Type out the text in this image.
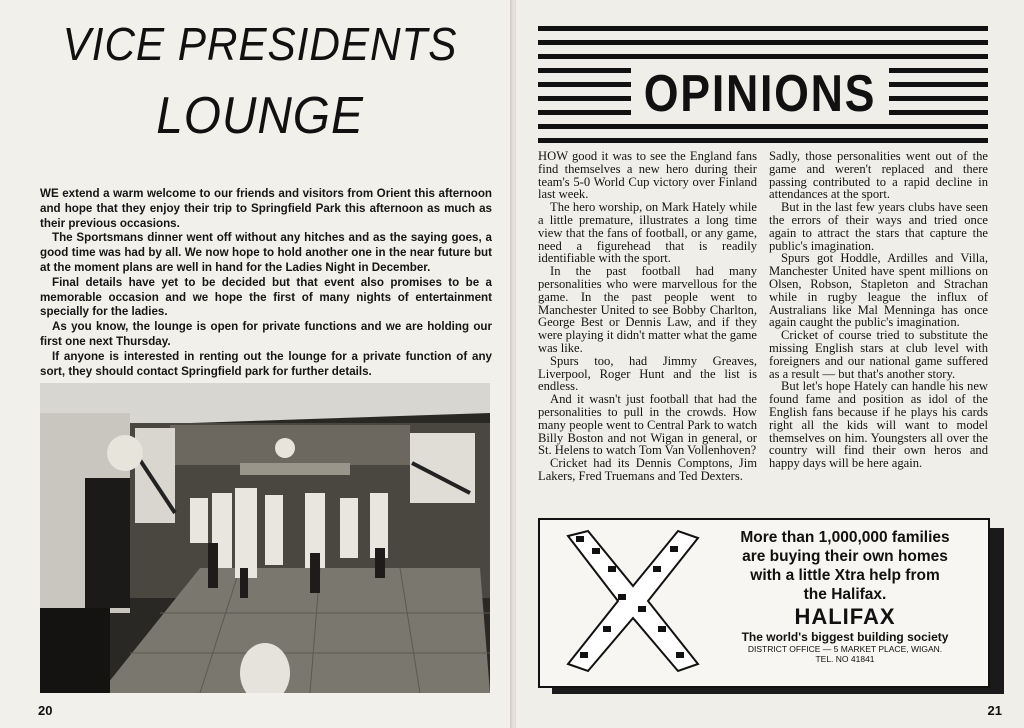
VICE PRESIDENTS
LOUNGE

WE extend a warm welcome to our friends and visitors from Orient this afternoon and hope that they enjoy their trip to Springfield Park this afternoon as much as their previous occasions.

The Sportsmans dinner went off without any hitches and as the saying goes, a good time was had by all. We now hope to hold another one in the near future but at the moment plans are well in hand for the Ladies Night in December.

Final details have yet to be decided but that event also promises to be a memorable occasion and we hope the first of many nights of entertainment specially for the ladies.

As you know, the lounge is open for private functions and we are holding our first one next Thursday.

If anyone is interested in renting out the lounge for a private function of any sort, they should contact Springfield park for further details.

20
OPINIONS

HOW good it was to see the England fans find themselves a new hero during their team's 5-0 World Cup victory over Finland last week.

The hero worship, on Mark Hately while a little premature, illustrates a long time view that the fans of football, or any game, need a figurehead that is readily identifiable with the sport.

In the past football had many personalities who were marvellous for the game. In the past people went to Manchester United to see Bobby Charlton, George Best or Dennis Law, and if they were playing it didn't matter what the game was like.

Spurs too, had Jimmy Greaves, Liverpool, Roger Hunt and the list is endless.

And it wasn't just football that had the personalities to pull in the crowds. How many people went to Central Park to watch Billy Boston and not Wigan in general, or St. Helens to watch Tom Van Vollenhoven?

Cricket had its Dennis Comptons, Jim Lakers, Fred Truemans and Ted Dexters.

Sadly, those personalities went out of the game and weren't replaced and there passing contributed to a rapid decline in attendances at the sport.

But in the last few years clubs have seen the errors of their ways and tried once again to attract the stars that capture the public's imagination.

Spurs got Hoddle, Ardilles and Villa, Manchester United have spent millions on Olsen, Robson, Stapleton and Strachan while in rugby league the influx of Australians like Mal Menninga has once again caught the public's imagination.

Cricket of course tried to substitute the missing English stars at club level with foreigners and our national game suffered as a result — but that's another story.

But let's hope Hately can handle his new found fame and position as idol of the English fans because if he plays his cards right all the kids will want to model themselves on him. Youngsters all over the country will find their own heros and happy days will be here again.

More than 1,000,000 families
are buying their own homes
with a little Xtra help from
the Halifax.
HALIFAX
The world's biggest building society
DISTRICT OFFICE — 5 MARKET PLACE, WIGAN.
TEL. NO 41841
21
